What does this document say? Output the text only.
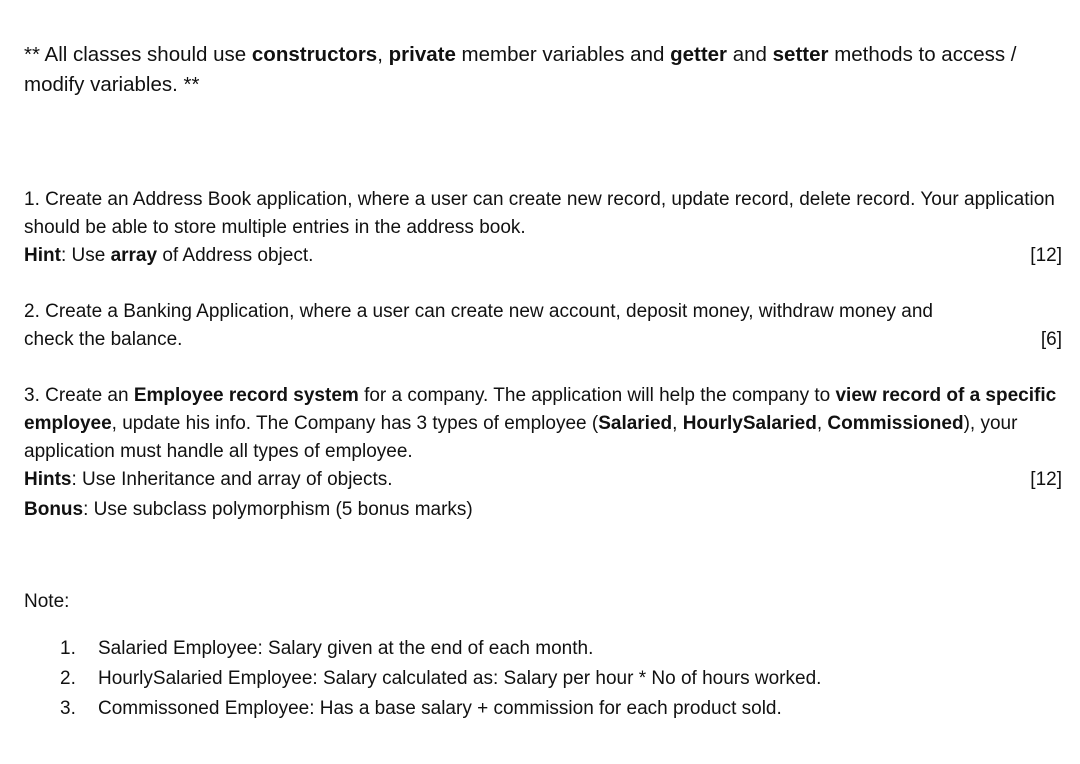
** All classes should use constructors, private member variables and getter and setter methods to access / modify variables. **

1. Create an Address Book application, where a user can create new record, update record, delete record. Your application should be able to store multiple entries in the address book.

Hint: Use array of Address object.	[12]

2. Create a Banking Application, where a user can create new account, deposit money, withdraw money and

check the balance.	[6]

3. Create an Employee record system for a company. The application will help the company to view record of a specific employee, update his info. The Company has 3 types of employee (Salaried, HourlySalaried, Commissioned), your application must handle all types of employee.

Hints: Use Inheritance and array of objects.	[12]

Bonus: Use subclass polymorphism (5 bonus marks)

Note:

1. Salaried Employee: Salary given at the end of each month.
2. HourlySalaried Employee: Salary calculated as: Salary per hour * No of hours worked.
3. Commissoned Employee: Has a base salary + commission for each product sold.
